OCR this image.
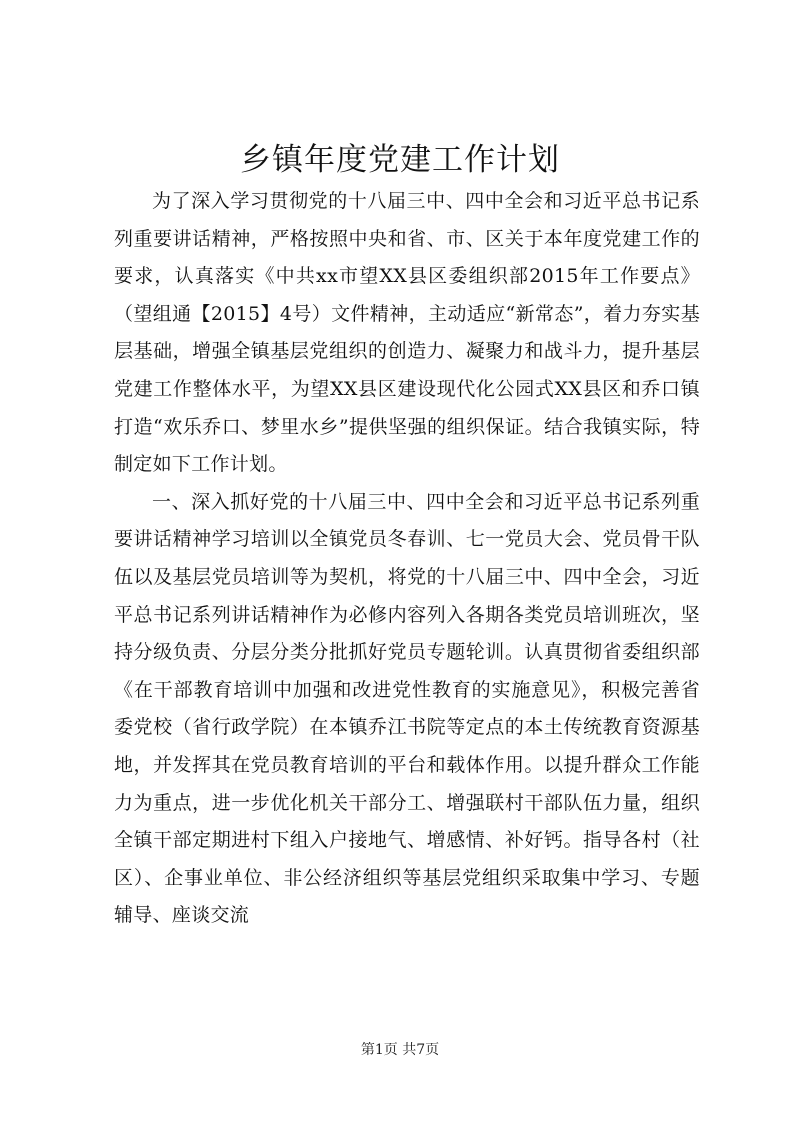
乡镇年度党建工作计划

为了深入学习贯彻党的十八届三中、四中全会和习近平总书记系列重要讲话精神，严格按照中央和省、市、区关于本年度党建工作的要求，认真落实《中共xx市望XX县区委组织部2015年工作要点》（望组通【2015】4号）文件精神，主动适应“新常态”，着力夯实基层基础，增强全镇基层党组织的创造力、凝聚力和战斗力，提升基层党建工作整体水平，为望XX县区建设现代化公园式XX县区和乔口镇打造“欢乐乔口、梦里水乡”提供坚强的组织保证。结合我镇实际，特制定如下工作计划。

一、深入抓好党的十八届三中、四中全会和习近平总书记系列重要讲话精神学习培训以全镇党员冬春训、七一党员大会、党员骨干队伍以及基层党员培训等为契机，将党的十八届三中、四中全会，习近平总书记系列讲话精神作为必修内容列入各期各类党员培训班次，坚持分级负责、分层分类分批抓好党员专题轮训。认真贯彻省委组织部《在干部教育培训中加强和改进党性教育的实施意见》，积极完善省委党校（省行政学院）在本镇乔江书院等定点的本土传统教育资源基地，并发挥其在党员教育培训的平台和载体作用。以提升群众工作能力为重点，进一步优化机关干部分工、增强联村干部队伍力量，组织全镇干部定期进村下组入户接地气、增感情、补好钙。指导各村（社区）、企事业单位、非公经济组织等基层党组织采取集中学习、专题辅导、座谈交流

第1页 共7页
